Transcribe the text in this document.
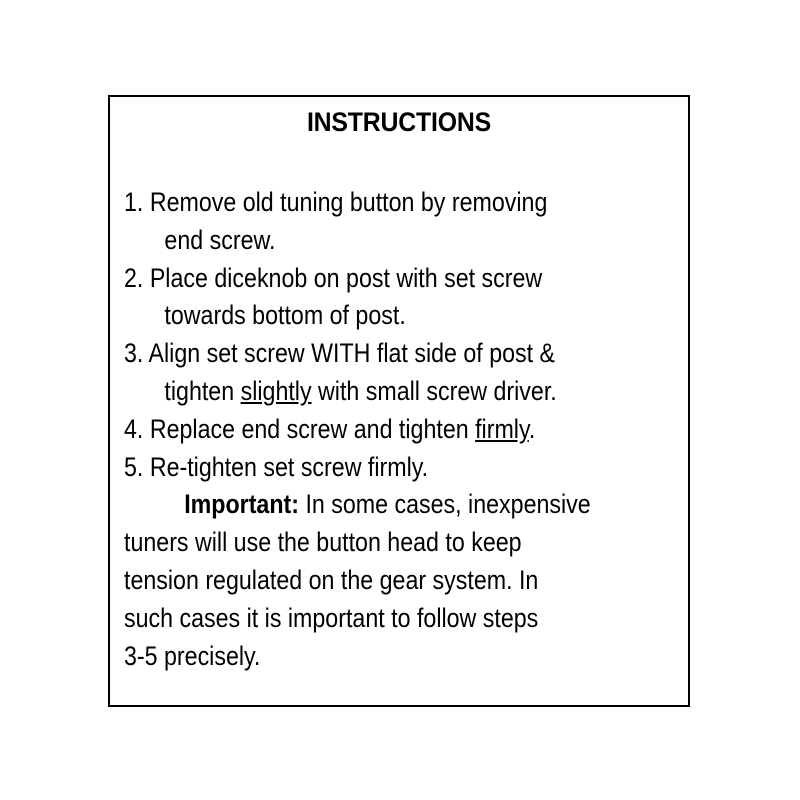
INSTRUCTIONS
1. Remove old tuning button by removing
end screw.
2. Place diceknob on post with set screw
towards bottom of post.
3. Align set screw WITH flat side of post &
tighten slightly with small screw driver.
4. Replace end screw and tighten firmly.
5. Re-tighten set screw firmly.
Important: In some cases, inexpensive
tuners will use the button head to keep
tension regulated on the gear system. In
such cases it is important to follow steps
3-5 precisely.
